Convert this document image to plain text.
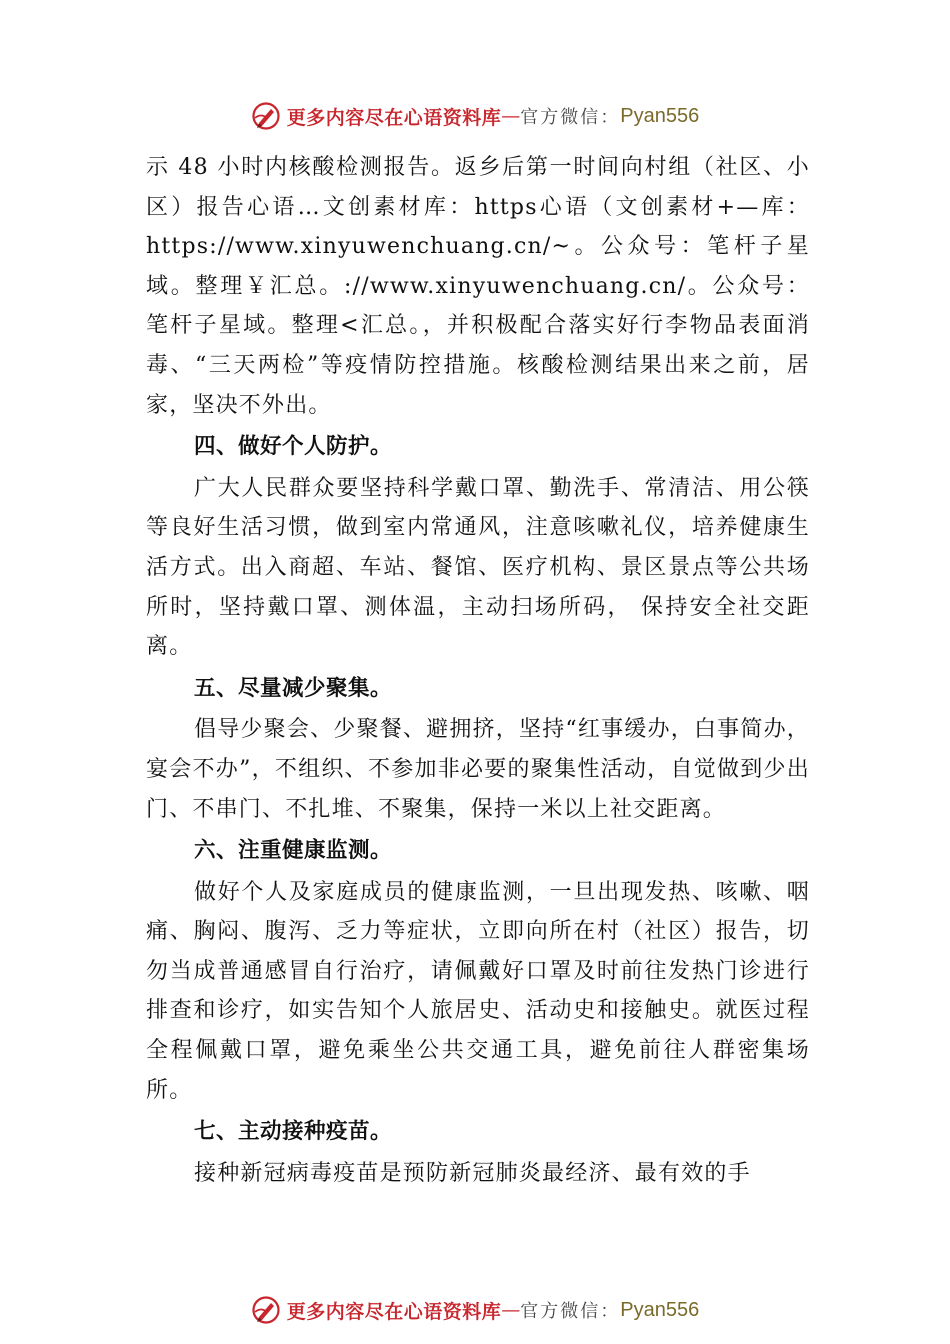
更多内容尽在心语资料库 — 官方微信 ： Pyan556

示 48 小时内核酸检测报告。返乡后第一时间向村组（社区、小区）报告心语…文创素材库：https心语（文创素材+—库：https://www.xinyuwenchuang.cn/~。公众号：笔杆子星域。整理￥汇总。://www.xinyuwenchuang.cn/。公众号：笔杆子星域。整理<汇总。，并积极配合落实好行李物品表面消毒、“三天两检”等疫情防控措施。核酸检测结果出来之前，居家，坚决不外出。

四、做好个人防护。

广大人民群众要坚持科学戴口罩、勤洗手、常清洁、用公筷等良好生活习惯，做到室内常通风，注意咳嗽礼仪，培养健康生活方式。出入商超、车站、餐馆、医疗机构、景区景点等公共场所时，坚持戴口罩、测体温，主动扫场所码， 保持安全社交距离。

五、尽量减少聚集。

倡导少聚会、少聚餐、避拥挤，坚持“红事缓办，白事简办，宴会不办”，不组织、不参加非必要的聚集性活动，自觉做到少出门、不串门、不扎堆、不聚集，保持一米以上社交距离。

六、注重健康监测。

做好个人及家庭成员的健康监测，一旦出现发热、咳嗽、咽痛、胸闷、腹泻、乏力等症状，立即向所在村（社区）报告，切勿当成普通感冒自行治疗，请佩戴好口罩及时前往发热门诊进行排查和诊疗，如实告知个人旅居史、活动史和接触史。就医过程全程佩戴口罩，避免乘坐公共交通工具，避免前往人群密集场所。

七、主动接种疫苗。

接种新冠病毒疫苗是预防新冠肺炎最经济、最有效的手

更多内容尽在心语资料库 — 官方微信 ： Pyan556
